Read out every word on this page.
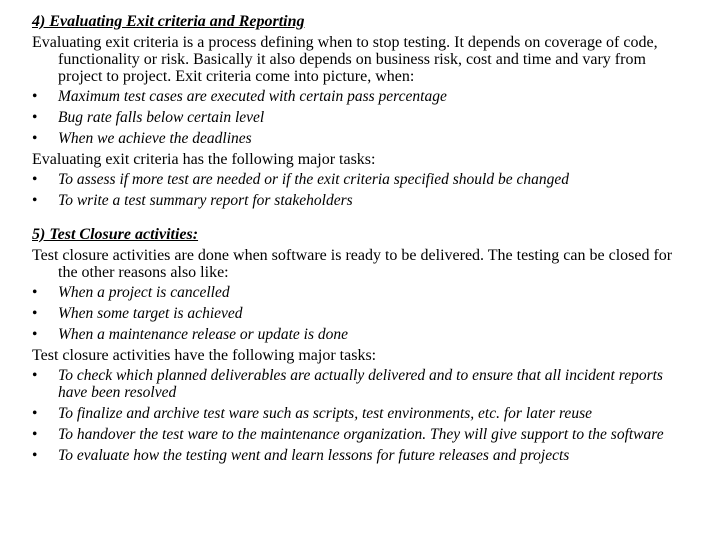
4) Evaluating Exit criteria and Reporting
Evaluating exit criteria is a process defining when to stop testing. It depends on coverage of code, functionality or risk. Basically it also depends on business risk, cost and time and vary from project to project. Exit criteria come into picture, when:
• Maximum test cases are executed with certain pass percentage
• Bug rate falls below certain level
• When we achieve the deadlines
Evaluating exit criteria has the following major tasks:
• To assess if more test are needed or if the exit criteria specified should be changed
• To write a test summary report for stakeholders
5) Test Closure activities:
Test closure activities are done when software is ready to be delivered. The testing can be closed for the other reasons also like:
• When a project is cancelled
• When some target is achieved
• When a maintenance release or update is done
Test closure activities have the following major tasks:
• To check which planned deliverables are actually delivered and to ensure that all incident reports have been resolved
• To finalize and archive test ware such as scripts, test environments, etc. for later reuse
• To handover the test ware to the maintenance organization. They will give support to the software
• To evaluate how the testing went and learn lessons for future releases and projects
